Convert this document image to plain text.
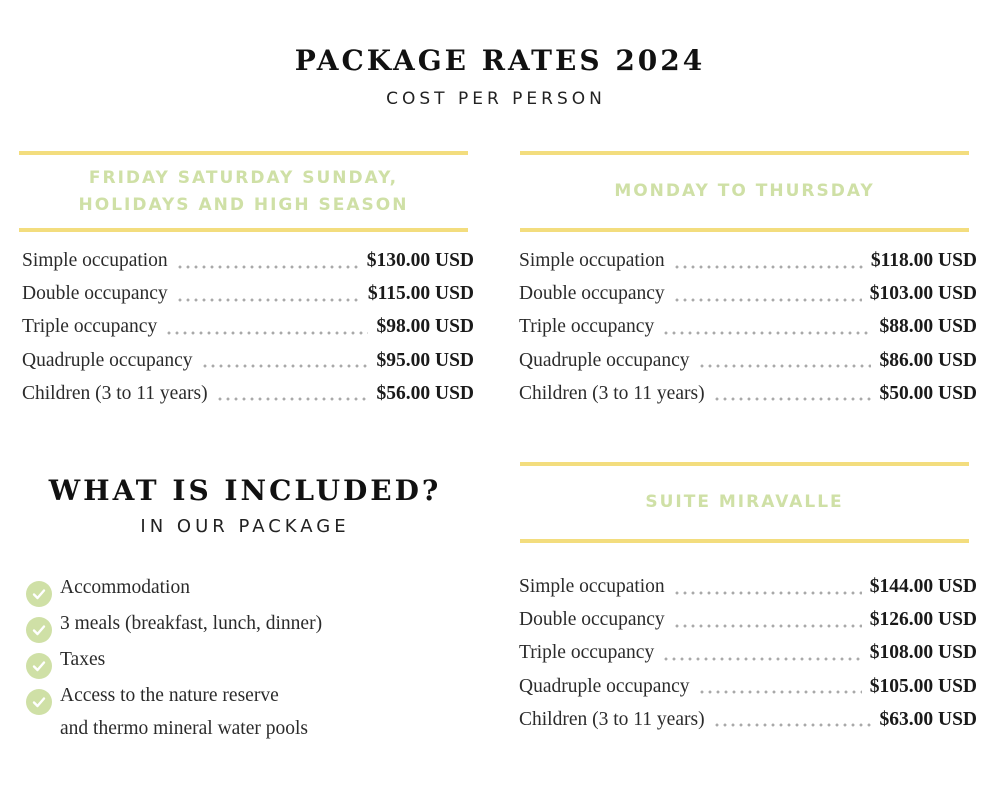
PACKAGE RATES 2024
COST PER PERSON
FRIDAY SATURDAY SUNDAY,
HOLIDAYS AND HIGH SEASON
Simple occupation	$130.00 USD
Double occupancy	$115.00 USD
Triple occupancy	$98.00 USD
Quadruple occupancy	$95.00 USD
Children (3 to 11 years)	$56.00 USD
MONDAY TO THURSDAY
Simple occupation	$118.00 USD
Double occupancy	$103.00 USD
Triple occupancy	$88.00 USD
Quadruple occupancy	$86.00 USD
Children (3 to 11 years)	$50.00 USD
WHAT IS INCLUDED?
IN OUR PACKAGE
Accommodation
3 meals (breakfast, lunch, dinner)
Taxes
Access to the nature reserve
and thermo mineral water pools
SUITE MIRAVALLE
Simple occupation	$144.00 USD
Double occupancy	$126.00 USD
Triple occupancy	$108.00 USD
Quadruple occupancy	$105.00 USD
Children (3 to 11 years)	$63.00 USD
